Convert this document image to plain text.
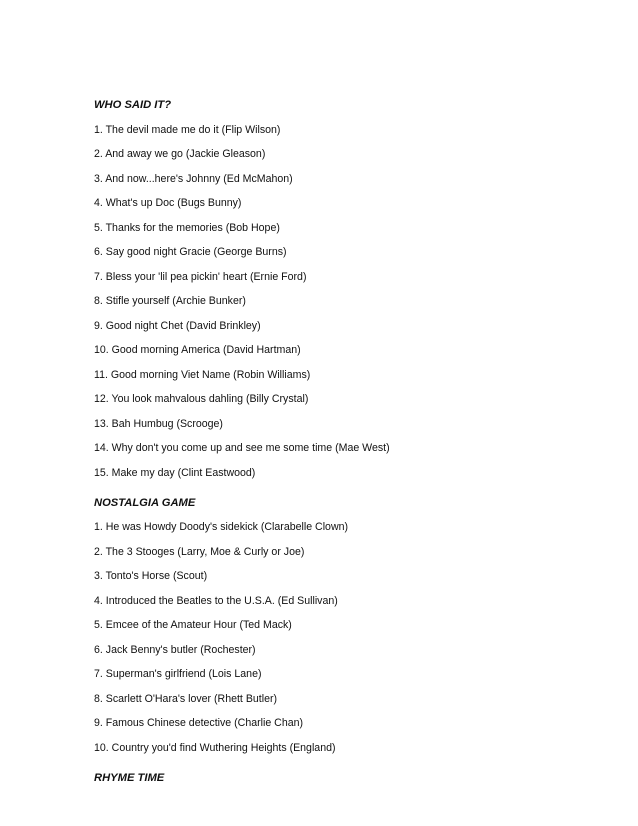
WHO SAID IT?
1. The devil made me do it (Flip Wilson)
2. And away we go (Jackie Gleason)
3. And now...here's Johnny (Ed McMahon)
4. What's up Doc (Bugs Bunny)
5. Thanks for the memories (Bob Hope)
6. Say good night Gracie (George Burns)
7. Bless your 'lil pea pickin' heart (Ernie Ford)
8. Stifle yourself (Archie Bunker)
9. Good night Chet (David Brinkley)
10. Good morning America (David Hartman)
11. Good morning Viet Name (Robin Williams)
12. You look mahvalous dahling (Billy Crystal)
13. Bah Humbug (Scrooge)
14. Why don't you come up and see me some time (Mae West)
15. Make my day (Clint Eastwood)
NOSTALGIA GAME
1. He was Howdy Doody's sidekick (Clarabelle Clown)
2. The 3 Stooges (Larry, Moe & Curly or Joe)
3. Tonto's Horse (Scout)
4. Introduced the Beatles to the U.S.A. (Ed Sullivan)
5. Emcee of the Amateur Hour (Ted Mack)
6. Jack Benny's butler (Rochester)
7. Superman's girlfriend (Lois Lane)
8. Scarlett O'Hara's lover (Rhett Butler)
9. Famous Chinese detective (Charlie Chan)
10. Country you'd find Wuthering Heights (England)
RHYME TIME
